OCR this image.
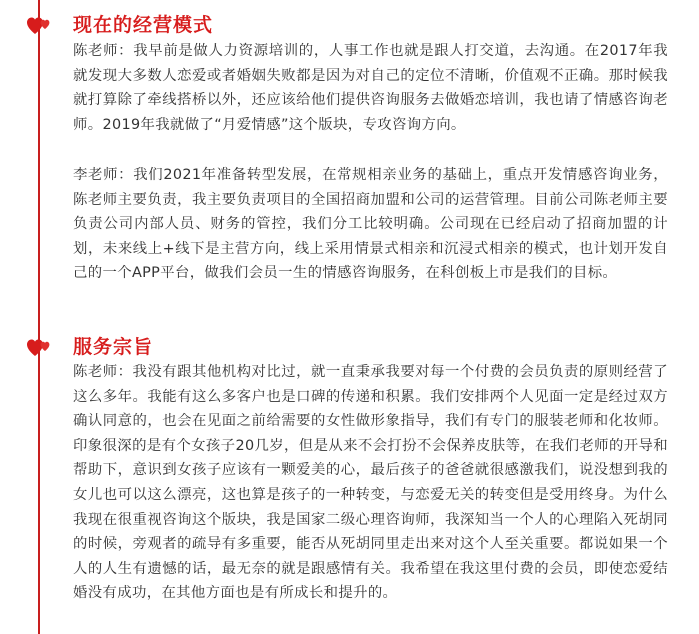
现在的经营模式

陈老师：我早前是做人力资源培训的，人事工作也就是跟人打交道，去沟通。在2017年我就发现大多数人恋爱或者婚姻失败都是因为对自己的定位不清晰，价值观不正确。那时候我就打算除了牵线搭桥以外，还应该给他们提供咨询服务去做婚恋培训，我也请了情感咨询老师。2019年我就做了“月爱情感”这个版块，专攻咨询方向。

李老师：我们2021年准备转型发展，在常规相亲业务的基础上，重点开发情感咨询业务，陈老师主要负责，我主要负责项目的全国招商加盟和公司的运营管理。目前公司陈老师主要负责公司内部人员、财务的管控，我们分工比较明确。公司现在已经启动了招商加盟的计划，未来线上+线下是主营方向，线上采用情景式相亲和沉浸式相亲的模式，也计划开发自己的一个APP平台，做我们会员一生的情感咨询服务，在科创板上市是我们的目标。

服务宗旨

陈老师：我没有跟其他机构对比过，就一直秉承我要对每一个付费的会员负责的原则经营了这么多年。我能有这么多客户也是口碑的传递和积累。我们安排两个人见面一定是经过双方确认同意的，也会在见面之前给需要的女性做形象指导，我们有专门的服装老师和化妆师。印象很深的是有个女孩子20几岁，但是从来不会打扮不会保养皮肤等，在我们老师的开导和帮助下，意识到女孩子应该有一颗爱美的心，最后孩子的爸爸就很感激我们，说没想到我的女儿也可以这么漂亮，这也算是孩子的一种转变，与恋爱无关的转变但是受用终身。为什么我现在很重视咨询这个版块，我是国家二级心理咨询师，我深知当一个人的心理陷入死胡同的时候，旁观者的疏导有多重要，能否从死胡同里走出来对这个人至关重要。都说如果一个人的人生有遗憾的话，最无奈的就是跟感情有关。我希望在我这里付费的会员，即使恋爱结婚没有成功，在其他方面也是有所成长和提升的。
